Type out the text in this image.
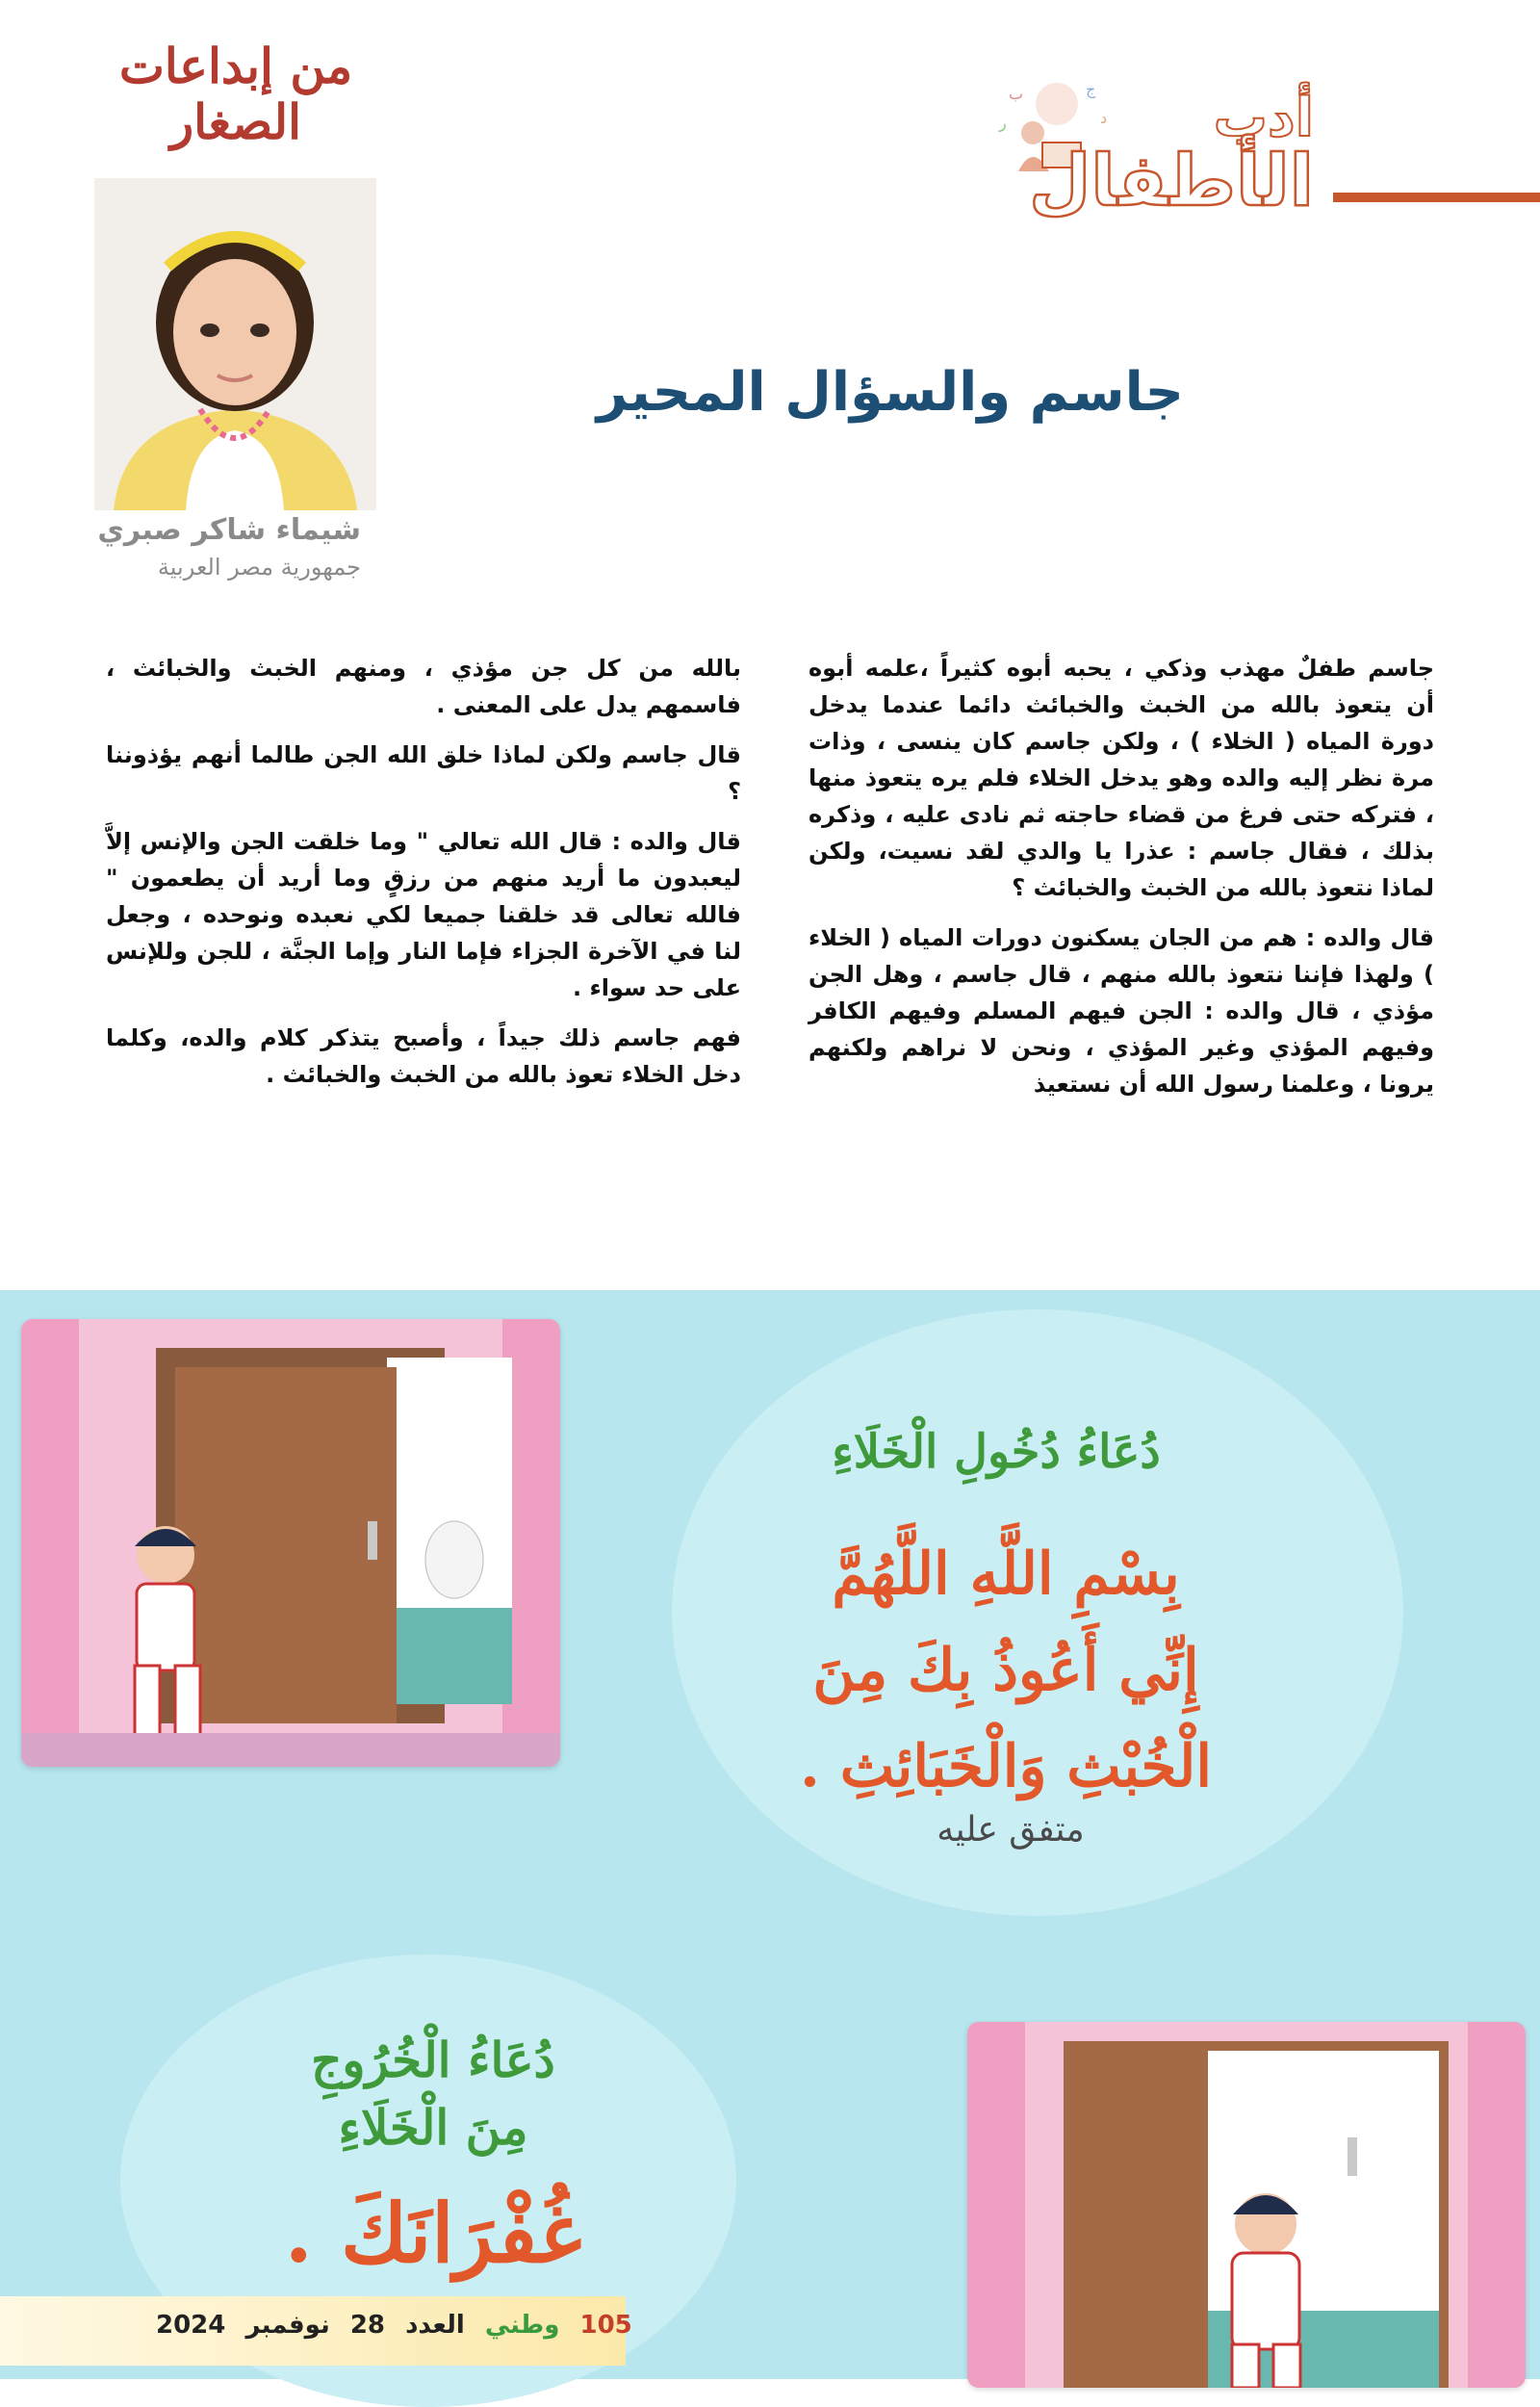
ب	ج
د
ر	أدب
الأطفال
من إبداعات
الصغار
شيماء شاكر صبري
جمهورية مصر العربية
جاسم والسؤال المحير

جاسم طفلٌ مهذب وذكي ، يحبه أبوه كثيراً ،علمه أبوه أن يتعوذ بالله من الخبث والخبائث دائما عندما يدخل دورة المياه ( الخلاء ) ، ولكن جاسم كان ينسى ، وذات مرة نظر إليه والده وهو يدخل الخلاء فلم يره يتعوذ منها ، فتركه حتى فرغ من قضاء حاجته ثم نادى عليه ، وذكره بذلك ، فقال جاسم : عذرا يا والدي لقد نسيت، ولكن لماذا نتعوذ بالله من الخبث والخبائث ؟

قال والده : هم من الجان يسكنون دورات المياه ( الخلاء ) ولهذا فإننا نتعوذ بالله منهم ، قال جاسم ، وهل الجن مؤذي ، قال والده : الجن فيهم المسلم وفيهم الكافر وفيهم المؤذي وغير المؤذي ، ونحن لا نراهم ولكنهم يرونا ، وعلمنا رسول الله أن نستعيذ

بالله من كل جن مؤذي ، ومنهم الخبث والخبائث ، فاسمهم يدل على المعنى .

قال جاسم ولكن لماذا خلق الله الجن طالما أنهم يؤذوننا ؟

قال والده : قال الله تعالي " وما خلقت الجن والإنس إلاَّ ليعبدون ما أريد منهم من رزقٍ وما أريد أن يطعمون " فالله تعالى قد خلقنا جميعا لكي نعبده ونوحده ، وجعل لنا في الآخرة الجزاء فإما النار وإما الجنَّة ، للجن وللإنس على حد سواء .

فهم جاسم ذلك جيداً ، وأصبح يتذكر كلام والده، وكلما دخل الخلاء تعوذ بالله من الخبث والخبائث .

دُعَاءُ دُخُولِ الْخَلَاءِ
بِسْمِ اللَّهِ اللَّهُمَّ
إِنِّي أَعُوذُ بِكَ مِنَ
الْخُبْثِ وَالْخَبَائِثِ .
متفق عليه
دُعَاءُ الْخُرُوجِ
مِنَ الْخَلَاءِ
غُفْرَانَكَ .
105 وطني العدد 28 نوفمبر 2024
